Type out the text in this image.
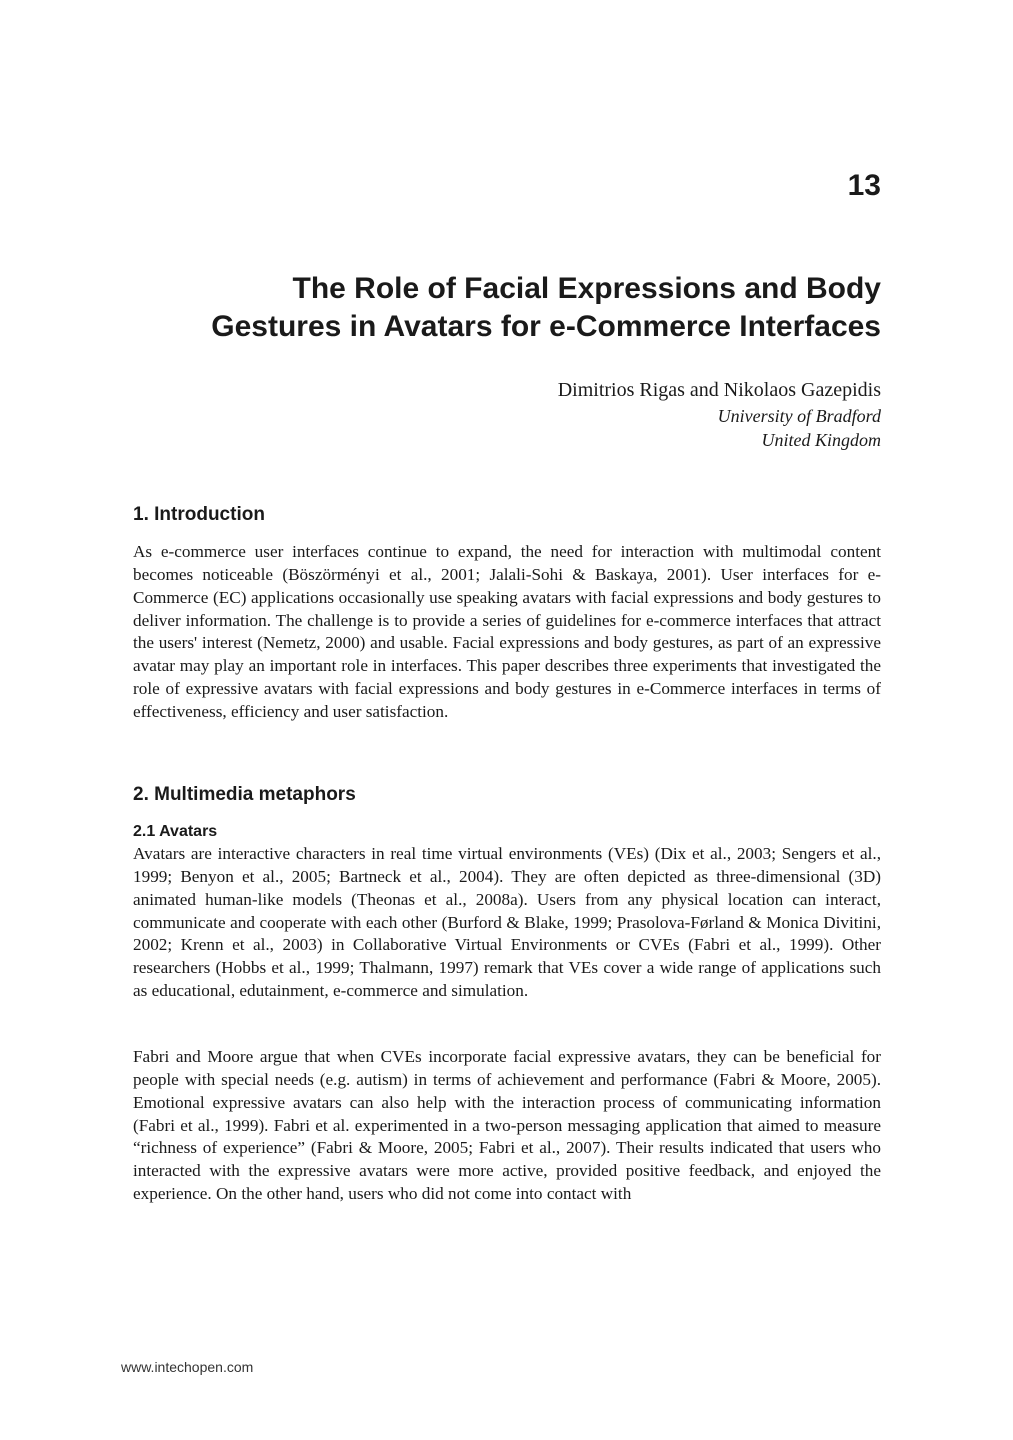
13

The Role of Facial Expressions and Body
Gestures in Avatars for e-Commerce Interfaces
Dimitrios Rigas and Nikolaos Gazepidis
University of Bradford
United Kingdom
1. Introduction

As e-commerce user interfaces continue to expand, the need for interaction with multimodal content becomes noticeable (Böszörményi et al., 2001; Jalali-Sohi & Baskaya, 2001). User interfaces for e-Commerce (EC) applications occasionally use speaking avatars with facial expressions and body gestures to deliver information. The challenge is to provide a series of guidelines for e-commerce interfaces that attract the users' interest (Nemetz, 2000) and usable. Facial expressions and body gestures, as part of an expressive avatar may play an important role in interfaces. This paper describes three experiments that investigated the role of expressive avatars with facial expressions and body gestures in e-Commerce interfaces in terms of effectiveness, efficiency and user satisfaction.

2. Multimedia metaphors
2.1 Avatars

Avatars are interactive characters in real time virtual environments (VEs) (Dix et al., 2003; Sengers et al., 1999; Benyon et al., 2005; Bartneck et al., 2004). They are often depicted as three-dimensional (3D) animated human-like models (Theonas et al., 2008a). Users from any physical location can interact, communicate and cooperate with each other (Burford & Blake, 1999; Prasolova-Førland & Monica Divitini, 2002; Krenn et al., 2003) in Collaborative Virtual Environments or CVEs (Fabri et al., 1999). Other researchers (Hobbs et al., 1999; Thalmann, 1997) remark that VEs cover a wide range of applications such as educational, edutainment, e-commerce and simulation.

Fabri and Moore argue that when CVEs incorporate facial expressive avatars, they can be beneficial for people with special needs (e.g. autism) in terms of achievement and performance (Fabri & Moore, 2005). Emotional expressive avatars can also help with the interaction process of communicating information (Fabri et al., 1999). Fabri et al. experimented in a two-person messaging application that aimed to measure “richness of experience” (Fabri & Moore, 2005; Fabri et al., 2007). Their results indicated that users who interacted with the expressive avatars were more active, provided positive feedback, and enjoyed the experience. On the other hand, users who did not come into contact with

www.intechopen.com
